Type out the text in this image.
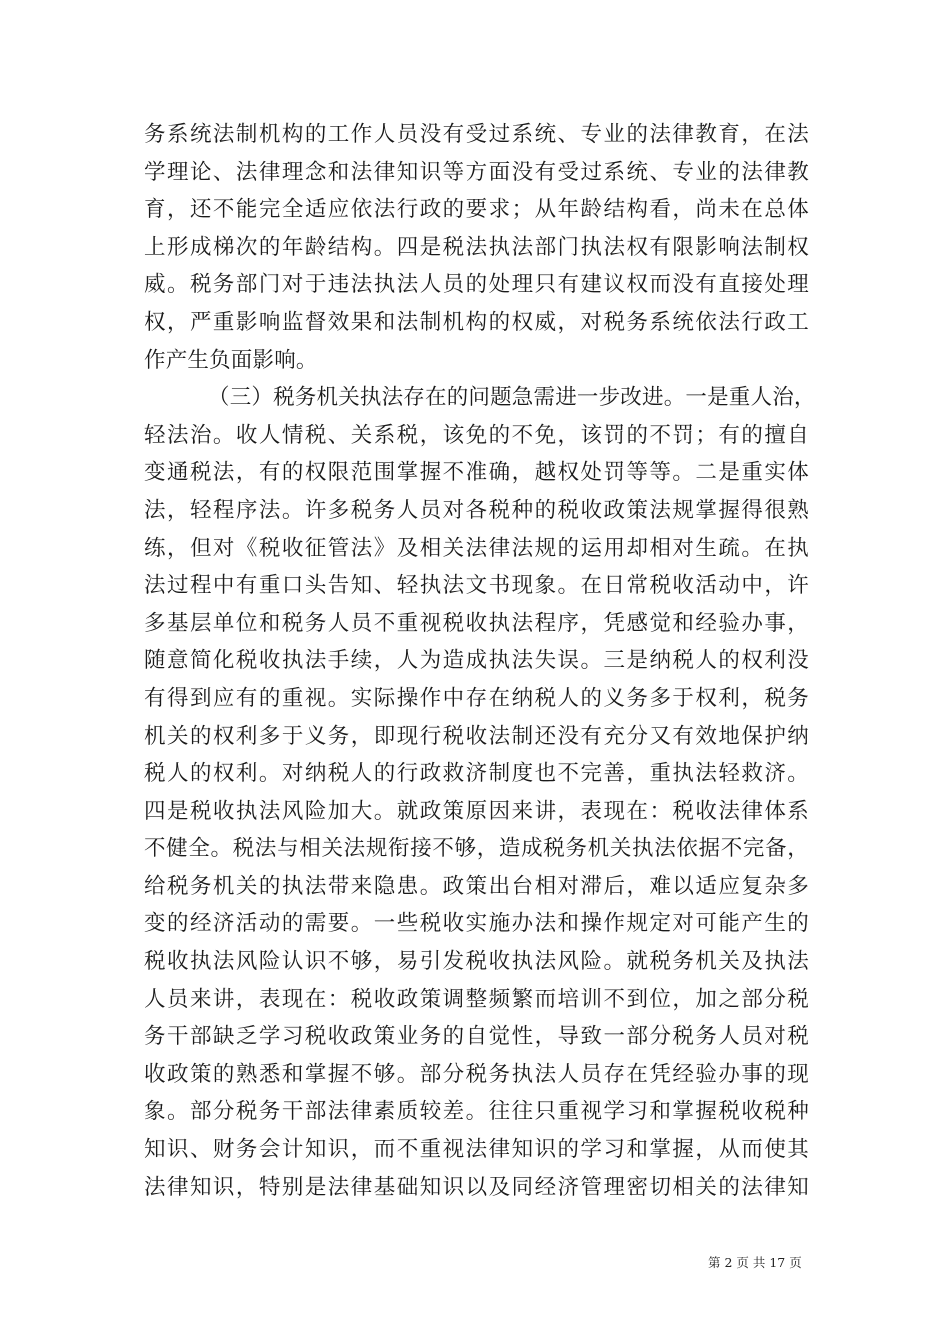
务系统法制机构的工作人员没有受过系统、专业的法律教育，在法
学理论、法律理念和法律知识等方面没有受过系统、专业的法律教
育，还不能完全适应依法行政的要求；从年龄结构看，尚未在总体
上形成梯次的年龄结构。四是税法执法部门执法权有限影响法制权
威。税务部门对于违法执法人员的处理只有建议权而没有直接处理
权，严重影响监督效果和法制机构的权威，对税务系统依法行政工
作产生负面影响。
（三）税务机关执法存在的问题急需进一步改进。一是重人治，
轻法治。收人情税、关系税，该免的不免，该罚的不罚；有的擅自
变通税法，有的权限范围掌握不准确，越权处罚等等。二是重实体
法，轻程序法。许多税务人员对各税种的税收政策法规掌握得很熟
练，但对《税收征管法》及相关法律法规的运用却相对生疏。在执
法过程中有重口头告知、轻执法文书现象。在日常税收活动中，许
多基层单位和税务人员不重视税收执法程序，凭感觉和经验办事，
随意简化税收执法手续，人为造成执法失误。三是纳税人的权利没
有得到应有的重视。实际操作中存在纳税人的义务多于权利，税务
机关的权利多于义务，即现行税收法制还没有充分又有效地保护纳
税人的权利。对纳税人的行政救济制度也不完善，重执法轻救济。
四是税收执法风险加大。就政策原因来讲，表现在：税收法律体系
不健全。税法与相关法规衔接不够，造成税务机关执法依据不完备，
给税务机关的执法带来隐患。政策出台相对滞后，难以适应复杂多
变的经济活动的需要。一些税收实施办法和操作规定对可能产生的
税收执法风险认识不够，易引发税收执法风险。就税务机关及执法
人员来讲，表现在：税收政策调整频繁而培训不到位，加之部分税
务干部缺乏学习税收政策业务的自觉性，导致一部分税务人员对税
收政策的熟悉和掌握不够。部分税务执法人员存在凭经验办事的现
象。部分税务干部法律素质较差。往往只重视学习和掌握税收税种
知识、财务会计知识，而不重视法律知识的学习和掌握，从而使其
法律知识，特别是法律基础知识以及同经济管理密切相关的法律知
第 2 页 共 17 页
